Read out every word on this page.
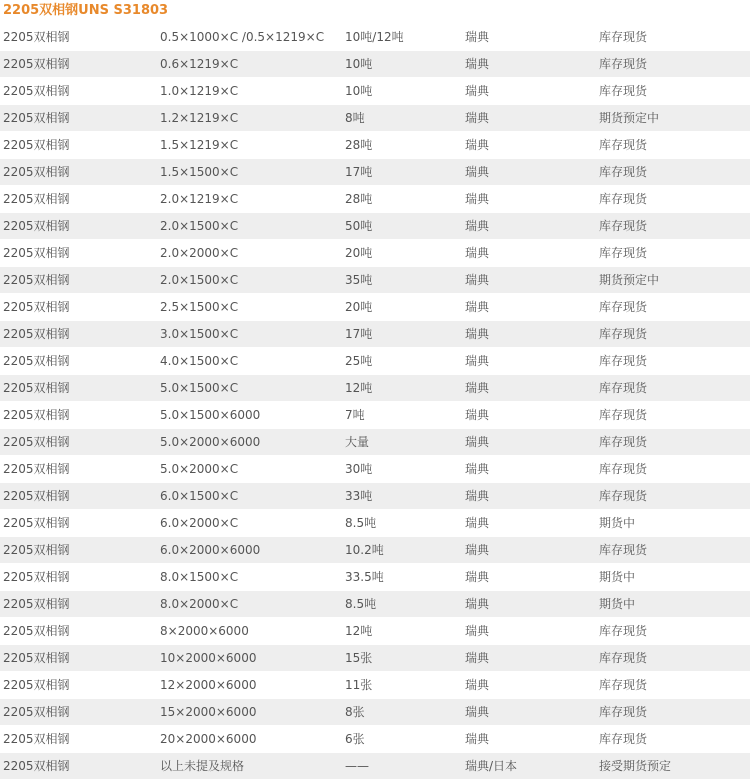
2205双相钢UNS S31803
2205双相钢	0.5×1000×C /0.5×1219×C	10吨/12吨	瑞典	库存现货
2205双相钢	0.6×1219×C	10吨	瑞典	库存现货
2205双相钢	1.0×1219×C	10吨	瑞典	库存现货
2205双相钢	1.2×1219×C	8吨	瑞典	期货预定中
2205双相钢	1.5×1219×C	28吨	瑞典	库存现货
2205双相钢	1.5×1500×C	17吨	瑞典	库存现货
2205双相钢	2.0×1219×C	28吨	瑞典	库存现货
2205双相钢	2.0×1500×C	50吨	瑞典	库存现货
2205双相钢	2.0×2000×C	20吨	瑞典	库存现货
2205双相钢	2.0×1500×C	35吨	瑞典	期货预定中
2205双相钢	2.5×1500×C	20吨	瑞典	库存现货
2205双相钢	3.0×1500×C	17吨	瑞典	库存现货
2205双相钢	4.0×1500×C	25吨	瑞典	库存现货
2205双相钢	5.0×1500×C	12吨	瑞典	库存现货
2205双相钢	5.0×1500×6000	7吨	瑞典	库存现货
2205双相钢	5.0×2000×6000	大量	瑞典	库存现货
2205双相钢	5.0×2000×C	30吨	瑞典	库存现货
2205双相钢	6.0×1500×C	33吨	瑞典	库存现货
2205双相钢	6.0×2000×C	8.5吨	瑞典	期货中
2205双相钢	6.0×2000×6000	10.2吨	瑞典	库存现货
2205双相钢	8.0×1500×C	33.5吨	瑞典	期货中
2205双相钢	8.0×2000×C	8.5吨	瑞典	期货中
2205双相钢	8×2000×6000	12吨	瑞典	库存现货
2205双相钢	10×2000×6000	15张	瑞典	库存现货
2205双相钢	12×2000×6000	11张	瑞典	库存现货
2205双相钢	15×2000×6000	8张	瑞典	库存现货
2205双相钢	20×2000×6000	6张	瑞典	库存现货
2205双相钢	以上未提及规格	——	瑞典/日本	接受期货预定
